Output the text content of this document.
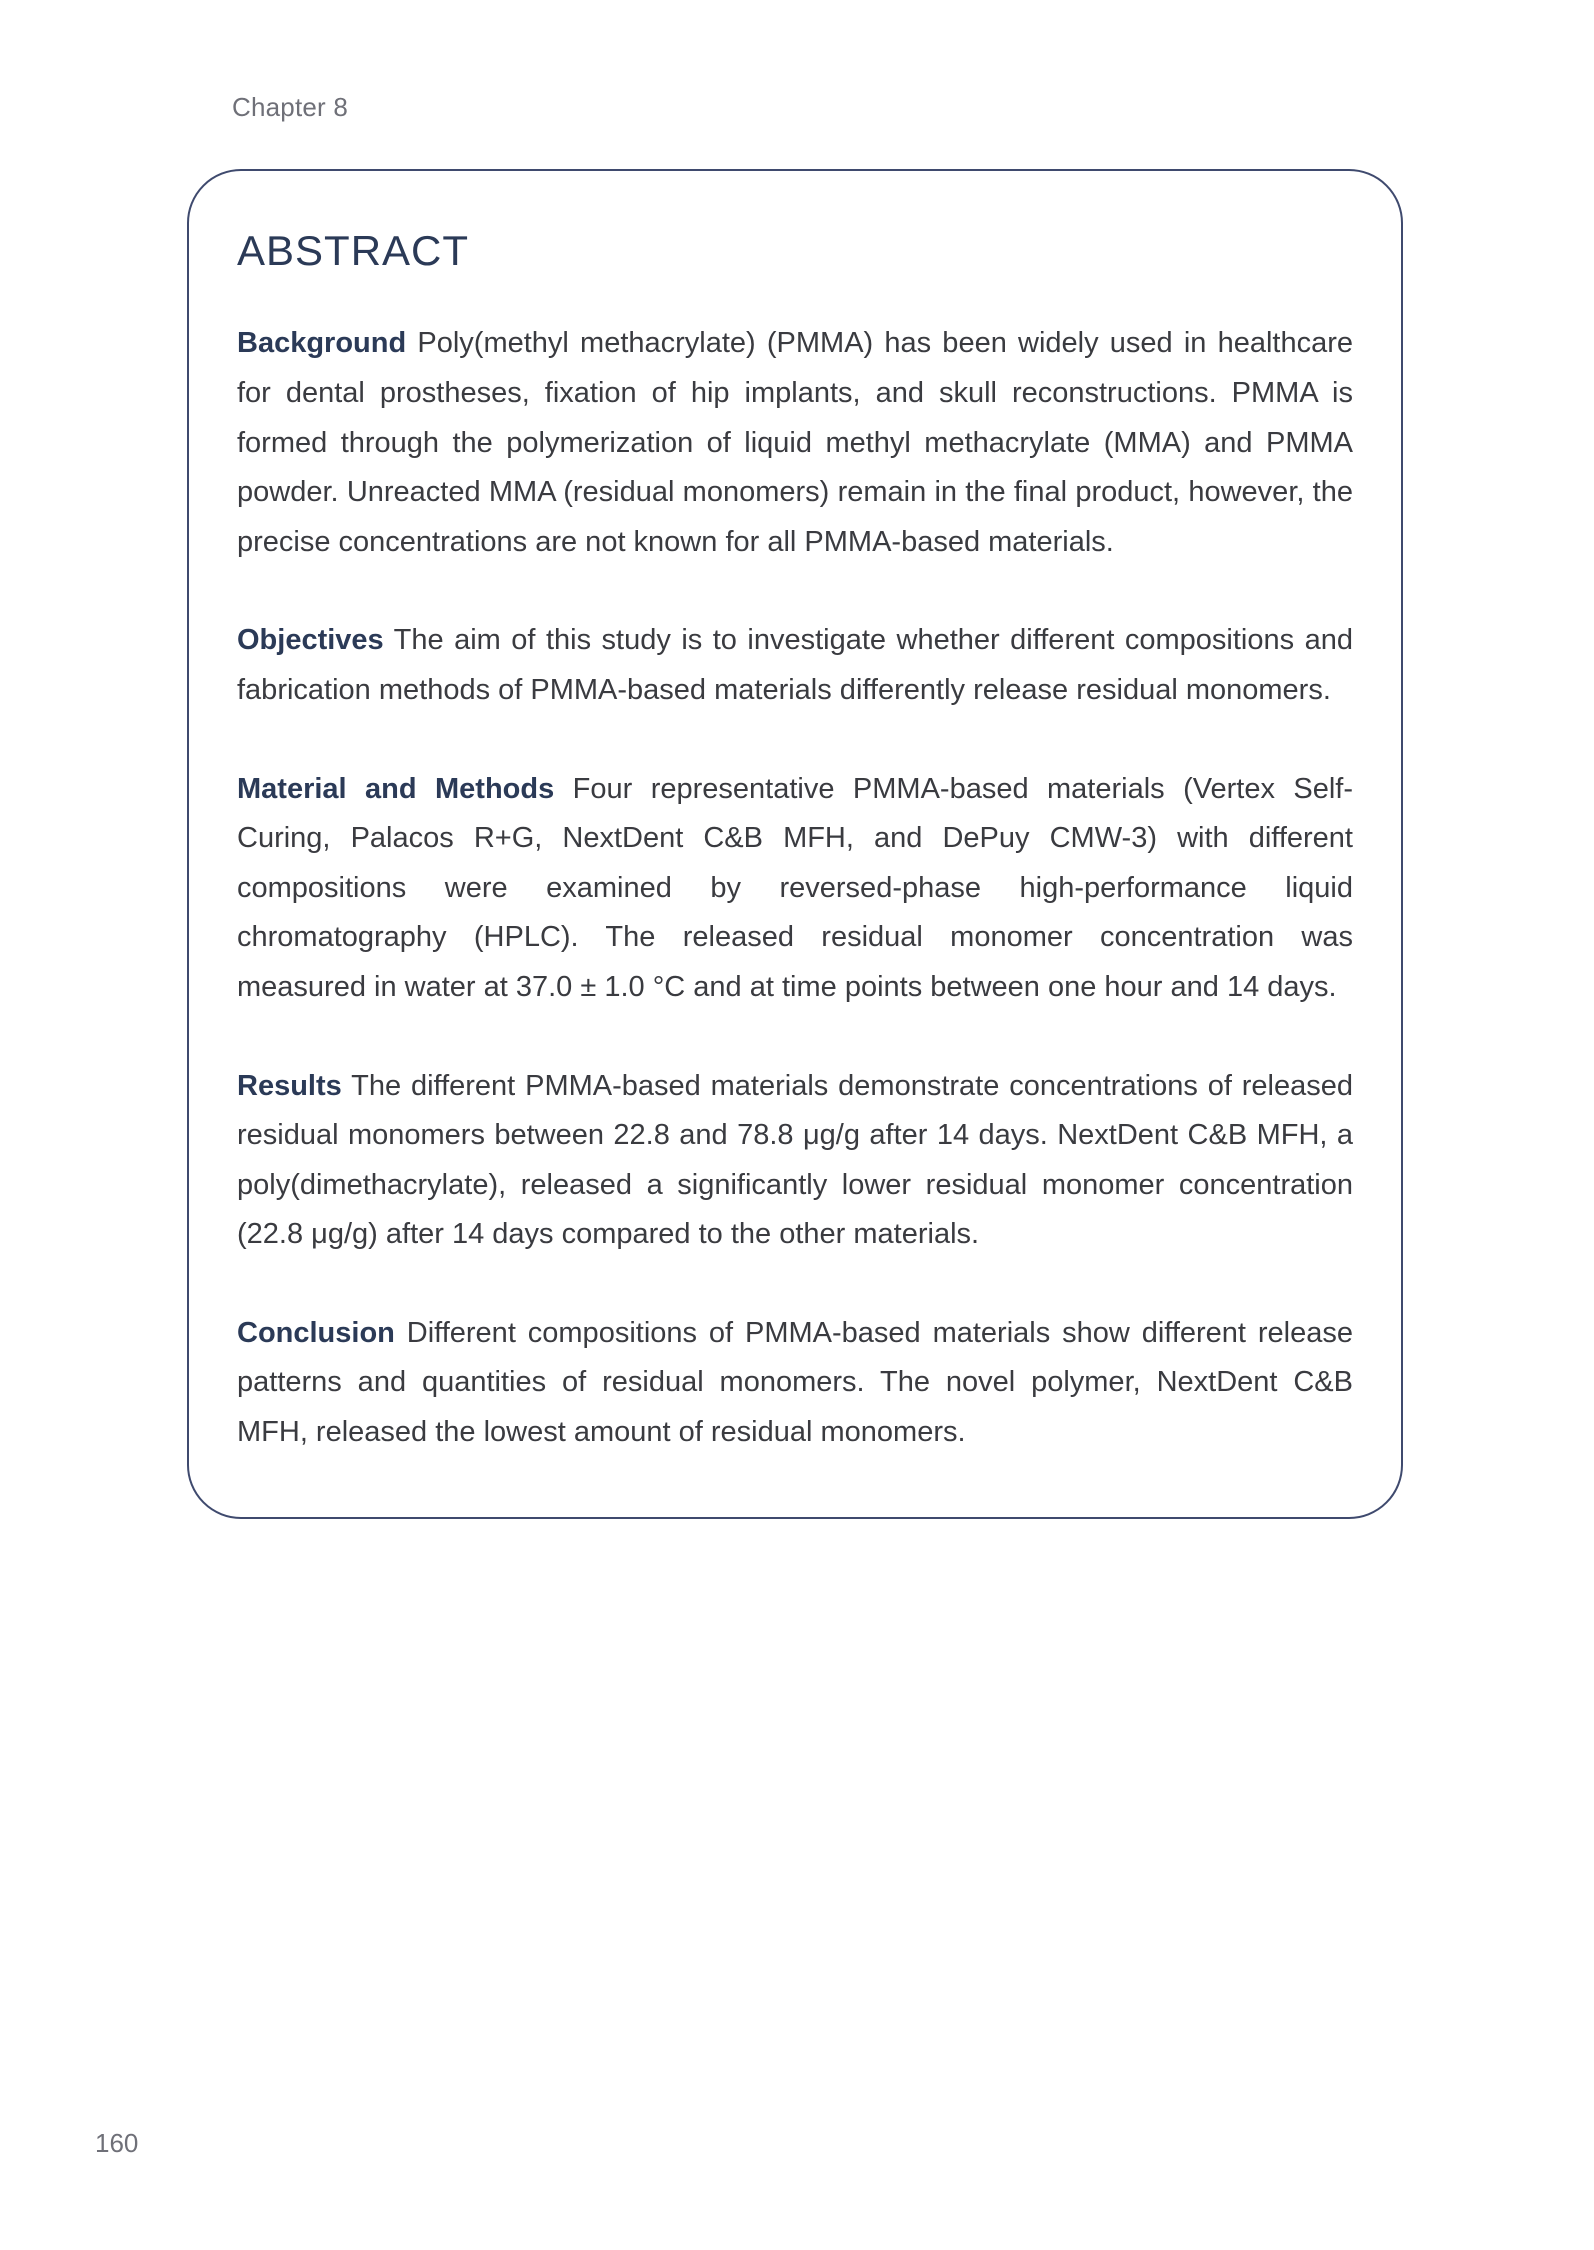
Chapter 8
ABSTRACT

Background Poly(methyl methacrylate) (PMMA) has been widely used in healthcare for dental prostheses, fixation of hip implants, and skull reconstructions. PMMA is formed through the polymerization of liquid methyl methacrylate (MMA) and PMMA powder. Unreacted MMA (residual monomers) remain in the final product, however, the precise concentrations are not known for all PMMA-based materials.

Objectives The aim of this study is to investigate whether different compositions and fabrication methods of PMMA-based materials differently release residual monomers.

Material and Methods Four representative PMMA-based materials (Vertex Self-Curing, Palacos R+G, NextDent C&B MFH, and DePuy CMW-3) with different compositions were examined by reversed-phase high-performance liquid chromatography (HPLC). The released residual monomer concentration was measured in water at 37.0 ± 1.0 °C and at time points between one hour and 14 days.

Results The different PMMA-based materials demonstrate concentrations of released residual monomers between 22.8 and 78.8 μg/g after 14 days. NextDent C&B MFH, a poly(dimethacrylate), released a significantly lower residual monomer concentration (22.8 μg/g) after 14 days compared to the other materials.

Conclusion Different compositions of PMMA-based materials show different release patterns and quantities of residual monomers. The novel polymer, NextDent C&B MFH, released the lowest amount of residual monomers.

160
